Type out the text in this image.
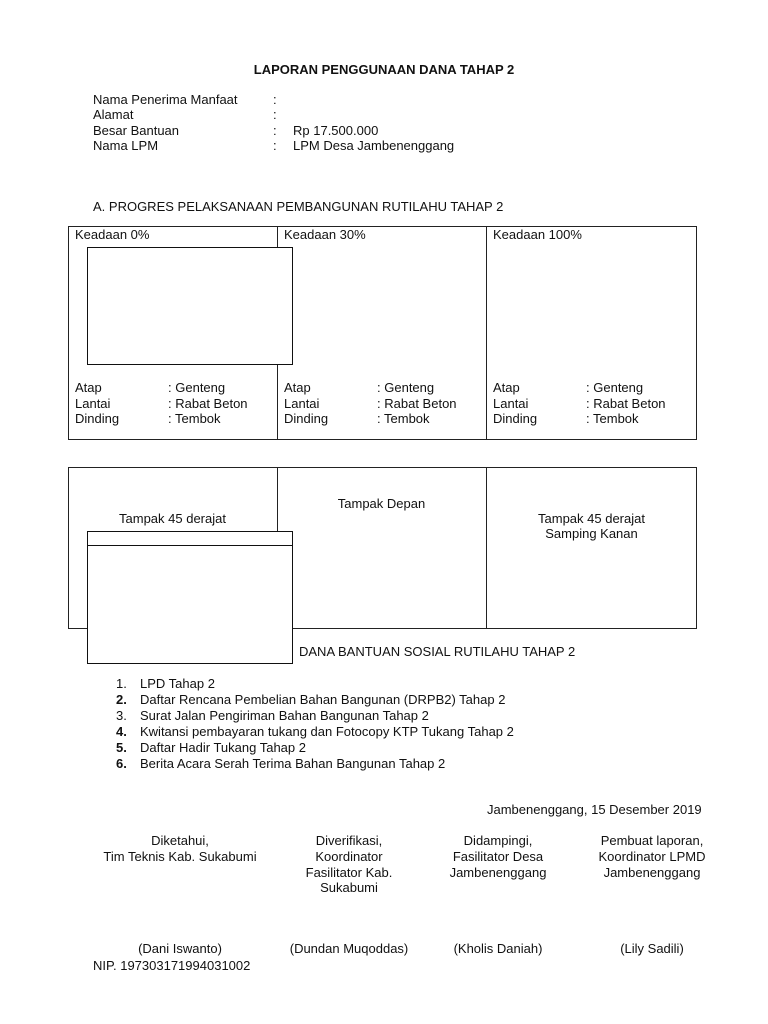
LAPORAN PENGGUNAAN DANA TAHAP 2
Nama Penerima Manfaat	:
Alamat	:
Besar Bantuan	: Rp 17.500.000
Nama LPM	: LPM Desa Jambenenggang
A. PROGRES PELAKSANAAN PEMBANGUNAN RUTILAHU TAHAP 2
Keadaan 0%	Keadaan 30%	Keadaan 100%
Atap	: Genteng
Lantai	: Rabat Beton
Dinding	: Tembok
Atap	: Genteng
Lantai	: Rabat Beton
Dinding	: Tembok
Atap	: Genteng
Lantai	: Rabat Beton
Dinding	: Tembok
Tampak 45 derajat
Tampak Depan
Tampak 45 derajat
Samping Kanan
DANA BANTUAN SOSIAL RUTILAHU TAHAP 2
1. LPD Tahap 2
2. Daftar Rencana Pembelian Bahan Bangunan (DRPB2) Tahap 2
3. Surat Jalan Pengiriman Bahan Bangunan Tahap 2
4. Kwitansi pembayaran tukang dan Fotocopy KTP Tukang Tahap 2
5. Daftar Hadir Tukang Tahap 2
6. Berita Acara Serah Terima Bahan Bangunan Tahap 2
Jambenenggang, 15 Desember 2019
Diketahui,
Tim Teknis Kab. Sukabumi
(Dani Iswanto)
NIP. 197303171994031002
Diverifikasi,
Koordinator Fasilitator Kab. Sukabumi
(Dundan Muqoddas)
Didampingi,
Fasilitator Desa Jambenenggang
(Kholis Daniah)
Pembuat laporan,
Koordinator LPMD Jambenenggang
(Lily Sadili)
